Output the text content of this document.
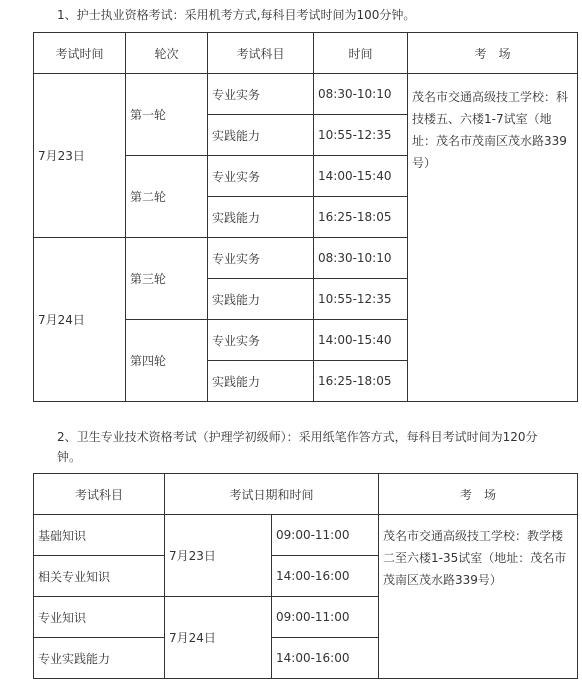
1、护士执业资格考试：采用机考方式,每科目考试时间为100分钟。
考试时间	轮次	考试科目	时间	考　场
7月23日	第一轮	专业实务	08:30-10:10	茂名市交通高级技工学校：科技楼五、六楼1-7试室（地址：茂名市茂南区茂水路339号）
		实践能力	10:55-12:35	
	第二轮	专业实务	14:00-15:40	
		实践能力	16:25-18:05	
7月24日	第三轮	专业实务	08:30-10:10	
		实践能力	10:55-12:35	
	第四轮	专业实务	14:00-15:40	
		实践能力	16:25-18:05	
2、卫生专业技术资格考试（护理学初级师）：采用纸笔作答方式，每科目考试时间为120分钟。
考试科目	考试日期和时间		考　场
基础知识	7月23日	09:00-11:00	茂名市交通高级技工学校：教学楼二至六楼1-35试室（地址：茂名市茂南区茂水路339号）
相关专业知识		14:00-16:00	
专业知识	7月24日	09:00-11:00	
专业实践能力		14:00-16:00	
